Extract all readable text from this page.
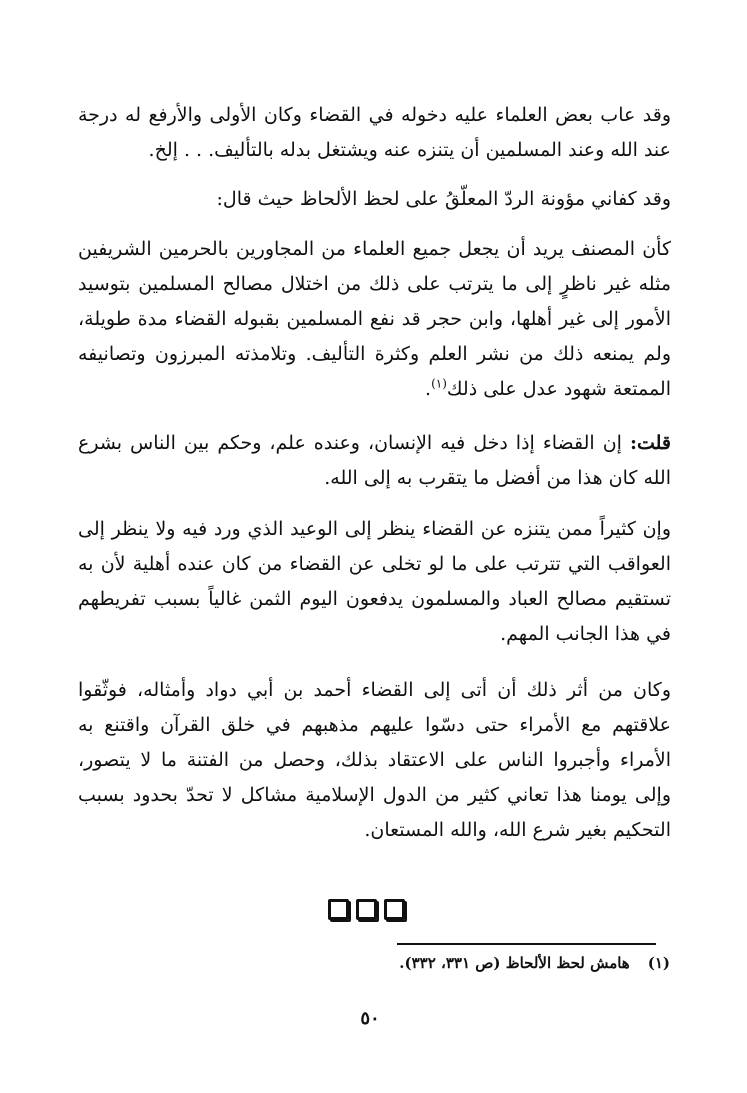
وقد عاب بعض العلماء عليه دخوله في القضاء وكان الأولى والأرفع له درجة عند الله وعند المسلمين أن يتنزه عنه ويشتغل بدله بالتأليف. . . إلخ.

وقد كفاني مؤونة الردّ المعلّقُ على لحظ الألحاظ حيث قال:

كأن المصنف يريد أن يجعل جميع العلماء من المجاورين بالحرمين الشريفين مثله غير ناظرٍ إلى ما يترتب على ذلك من اختلال مصالح المسلمين بتوسيد الأمور إلى غير أهلها، وابن حجر قد نفع المسلمين بقبوله القضاء مدة طويلة، ولم يمنعه ذلك من نشر العلم وكثرة التأليف. وتلامذته المبرزون وتصانيفه الممتعة شهود عدل على ذلك$^{(١)}$.

قلت: إن القضاء إذا دخل فيه الإنسان، وعنده علم، وحكم بين الناس بشرع الله كان هذا من أفضل ما يتقرب به إلى الله.

وإن كثيراً ممن يتنزه عن القضاء ينظر إلى الوعيد الذي ورد فيه ولا ينظر إلى العواقب التي تترتب على ما لو تخلى عن القضاء من كان عنده أهلية لأن به تستقيم مصالح العباد والمسلمون يدفعون اليوم الثمن غالياً بسبب تفريطهم في هذا الجانب المهم.

وكان من أثر ذلك أن أتى إلى القضاء أحمد بن أبي دواد وأمثاله، فوثّقوا علاقتهم مع الأمراء حتى دسّوا عليهم مذهبهم في خلق القرآن واقتنع به الأمراء وأجبروا الناس على الاعتقاد بذلك، وحصل من الفتنة ما لا يتصور، وإلى يومنا هذا تعاني كثير من الدول الإسلامية مشاكل لا تحدّ بحدود بسبب التحكيم بغير شرع الله، والله المستعان.

(١)هامش لحظ الألحاظ (ص ٣٣١، ٣٣٢).

٥٠
